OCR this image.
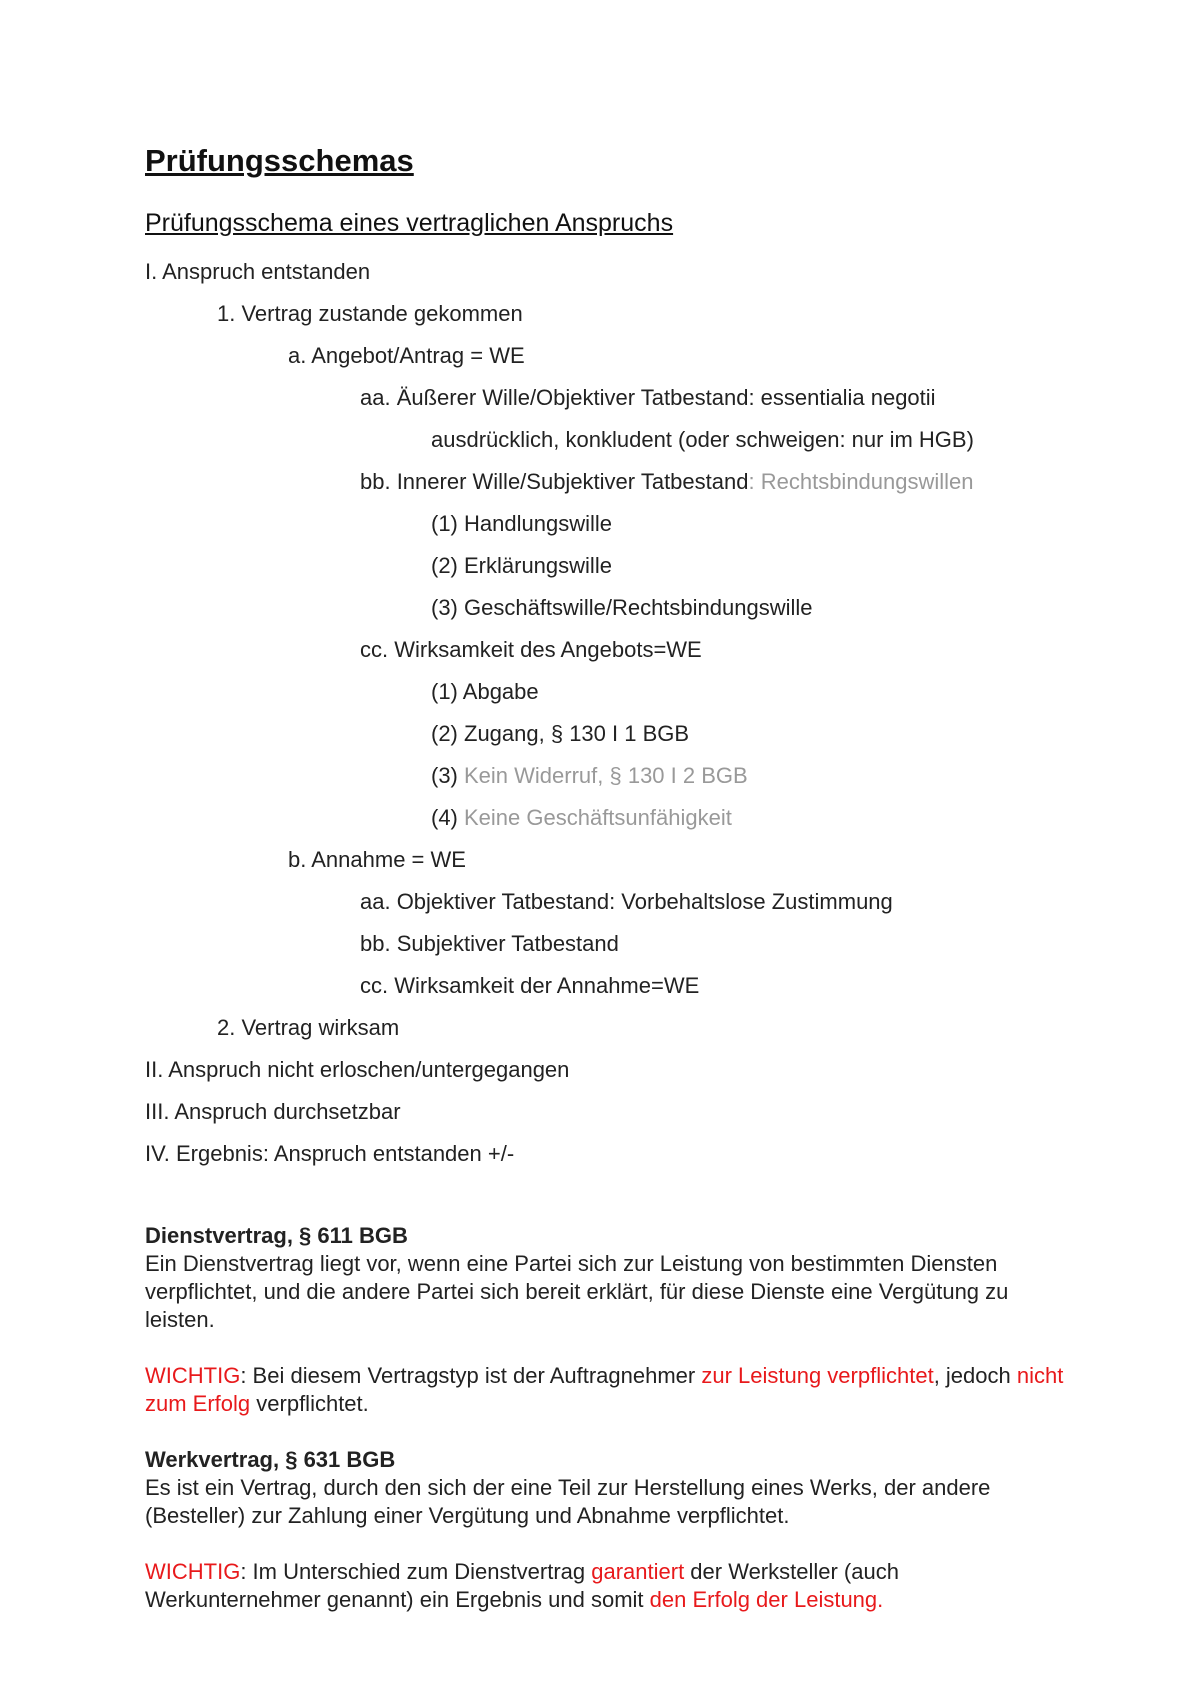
Prüfungsschemas
Prüfungsschema eines vertraglichen Anspruchs
I. Anspruch entstanden
1. Vertrag zustande gekommen
a. Angebot/Antrag = WE
aa. Äußerer Wille/Objektiver Tatbestand: essentialia negotii
ausdrücklich, konkludent (oder schweigen: nur im HGB)
bb. Innerer Wille/Subjektiver Tatbestand: Rechtsbindungswillen
(1) Handlungswille
(2) Erklärungswille
(3) Geschäftswille/Rechtsbindungswille
cc. Wirksamkeit des Angebots=WE
(1) Abgabe
(2) Zugang, § 130 I 1 BGB
(3) Kein Widerruf, § 130 I 2 BGB
(4) Keine Geschäftsunfähigkeit
b. Annahme = WE
aa. Objektiver Tatbestand: Vorbehaltslose Zustimmung
bb. Subjektiver Tatbestand
cc. Wirksamkeit der Annahme=WE
2. Vertrag wirksam
II. Anspruch nicht erloschen/untergegangen
III. Anspruch durchsetzbar
IV. Ergebnis: Anspruch entstanden +/-
Dienstvertrag, § 611 BGB
Ein Dienstvertrag liegt vor, wenn eine Partei sich zur Leistung von bestimmten Diensten verpflichtet, und die andere Partei sich bereit erklärt, für diese Dienste eine Vergütung zu leisten.
WICHTIG: Bei diesem Vertragstyp ist der Auftragnehmer zur Leistung verpflichtet, jedoch nicht zum Erfolg verpflichtet.
Werkvertrag, § 631 BGB
Es ist ein Vertrag, durch den sich der eine Teil zur Herstellung eines Werks, der andere (Besteller) zur Zahlung einer Vergütung und Abnahme verpflichtet.
WICHTIG: Im Unterschied zum Dienstvertrag garantiert der Werksteller (auch Werkunternehmer genannt) ein Ergebnis und somit den Erfolg der Leistung.
